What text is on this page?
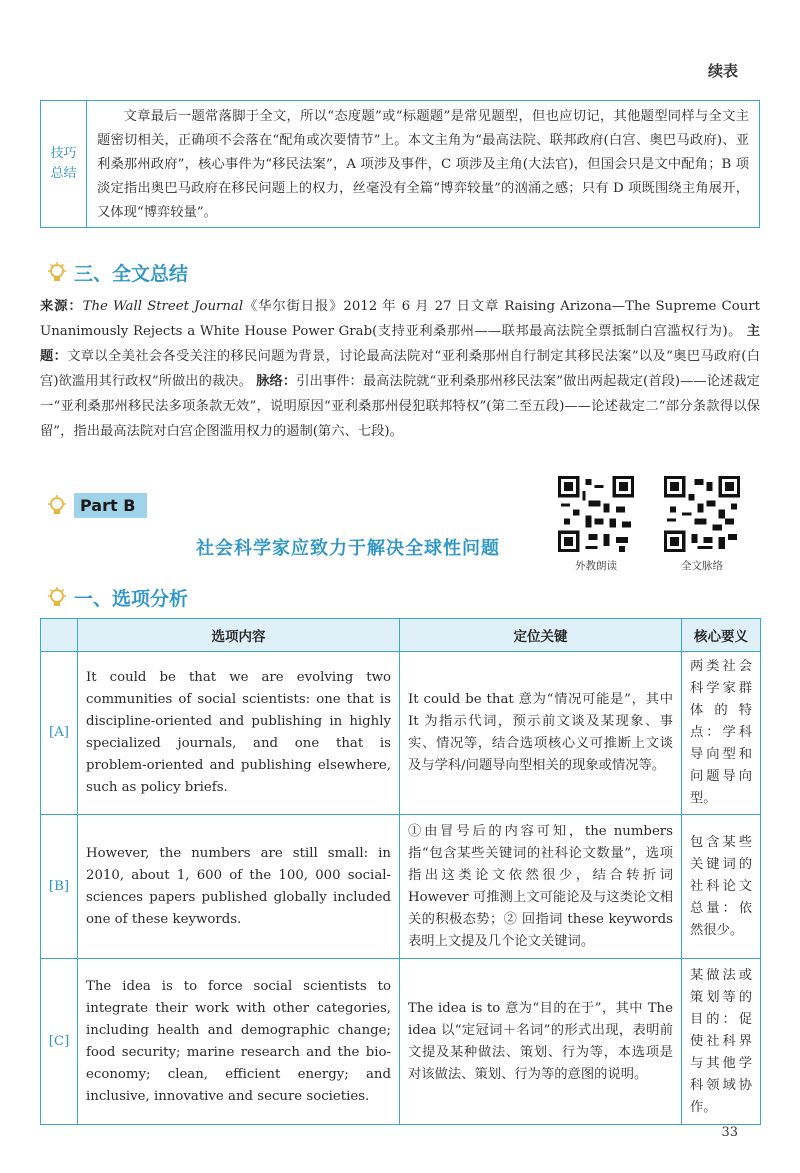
续表
技巧
总结
文章最后一题常落脚于全文，所以“态度题”或“标题题”是常见题型，但也应切记，其他题型同样与全文主题密切相关，正确项不会落在“配角或次要情节”上。本文主角为“最高法院、联邦政府(白宫、奥巴马政府)、亚利桑那州政府”，核心事件为“移民法案”，A 项涉及事件，C 项涉及主角(大法官)，但国会只是文中配角；B 项淡定指出奥巴马政府在移民问题上的权力，丝毫没有全篇“博弈较量”的汹涌之感；只有 D 项既围绕主角展开，又体现“博弈较量”。
三、全文总结
来源：The Wall Street Journal《华尔街日报》2012 年 6 月 27 日文章 Raising Arizona—The Supreme Court Unanimously Rejects a White House Power Grab(支持亚利桑那州——联邦最高法院全票抵制白宫滥权行为)。 主题：文章以全美社会各受关注的移民问题为背景，讨论最高法院对“亚利桑那州自行制定其移民法案”以及“奥巴马政府(白宫)欲滥用其行政权”所做出的裁决。 脉络：引出事件：最高法院就“亚利桑那州移民法案”做出两起裁定(首段)——论述裁定一“亚利桑那州移民法多项条款无效”，说明原因“亚利桑那州侵犯联邦特权”(第二至五段)——论述裁定二“部分条款得以保留”，指出最高法院对白宫企图滥用权力的遏制(第六、七段)。
Part B
社会科学家应致力于解决全球性问题
外教朗读	全文脉络
一、选项分析
	选项内容	定位关键	核心要义
[A]	It could be that we are evolving two communities of social scientists: one that is discipline-oriented and publishing in highly specialized journals, and one that is problem-oriented and publishing elsewhere, such as policy briefs.	It could be that 意为“情况可能是”，其中 It 为指示代词，预示前文谈及某现象、事实、情况等，结合选项核心义可推断上文谈及与学科/问题导向型相关的现象或情况等。	两类社会科学家群体的特点：学科导向型和问题导向型。
[B]	However, the numbers are still small: in 2010, about 1, 600 of the 100, 000 social-sciences papers published globally included one of these keywords.	①由冒号后的内容可知，the numbers 指“包含某些关键词的社科论文数量”，选项指出这类论文依然很少，结合转折词 However 可推测上文可能论及与这类论文相关的积极态势；② 回指词 these keywords 表明上文提及几个论文关键词。	包含某些关键词的社科论文总量：依然很少。
[C]	The idea is to force social scientists to integrate their work with other categories, including health and demographic change; food security; marine research and the bio-economy; clean, efficient energy; and inclusive, innovative and secure societies.	The idea is to 意为“目的在于”，其中 The idea 以“定冠词＋名词”的形式出现，表明前文提及某种做法、策划、行为等，本选项是对该做法、策划、行为等的意图的说明。	某做法或策划等的目的：促使社科界与其他学科领域协作。
33
